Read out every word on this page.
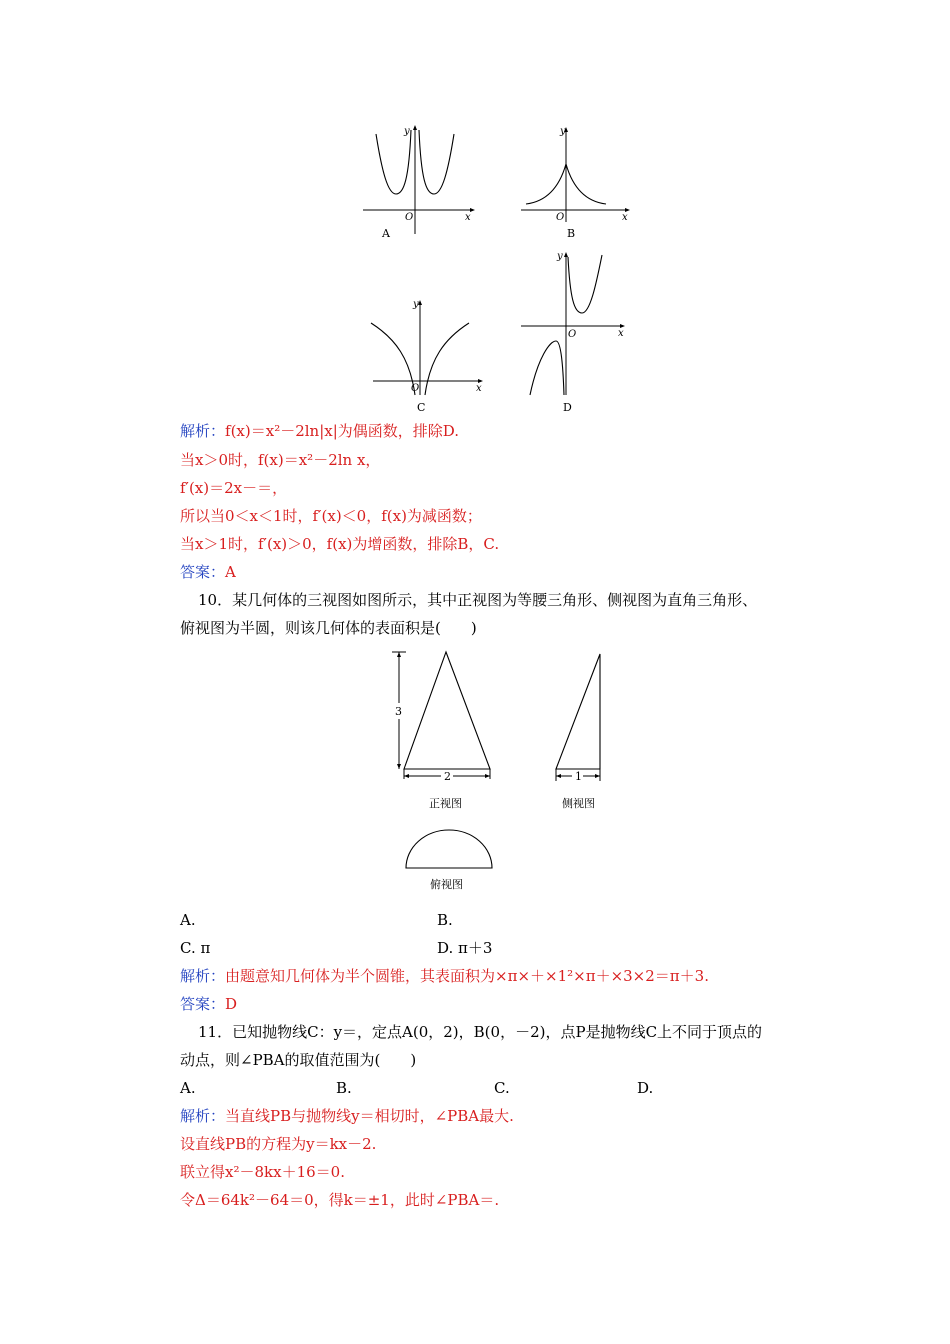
O
y
x
A
O
y
x
B
O
y
x
C
O
y
x
D
解析：f(x)＝x²－2ln|x|为偶函数，排除D.
当x＞0时，f(x)＝x²－2ln x，
f′(x)＝2x－＝，
所以当0＜x＜1时，f′(x)＜0，f(x)为减函数；
当x＞1时，f′(x)＞0，f(x)为增函数，排除B，C.
答案：A
10．某几何体的三视图如图所示，其中正视图为等腰三角形、侧视图为直角三角形、
俯视图为半圆，则该几何体的表面积是(　　)
3
2
正视图
1
侧视图
俯视图
A.	B.
C. π	D. π＋3
解析：由题意知几何体为半个圆锥，其表面积为×π×＋×1²×π＋×3×2＝π＋3.
答案：D
11．已知抛物线C：y＝，定点A(0，2)，B(0，－2)，点P是抛物线C上不同于顶点的
动点，则∠PBA的取值范围为(　　)
A.	B.	C.	D.
解析：当直线PB与抛物线y＝相切时，∠PBA最大.
设直线PB的方程为y＝kx－2.
联立得x²－8kx＋16＝0.
令Δ＝64k²－64＝0，得k＝±1，此时∠PBA＝.
